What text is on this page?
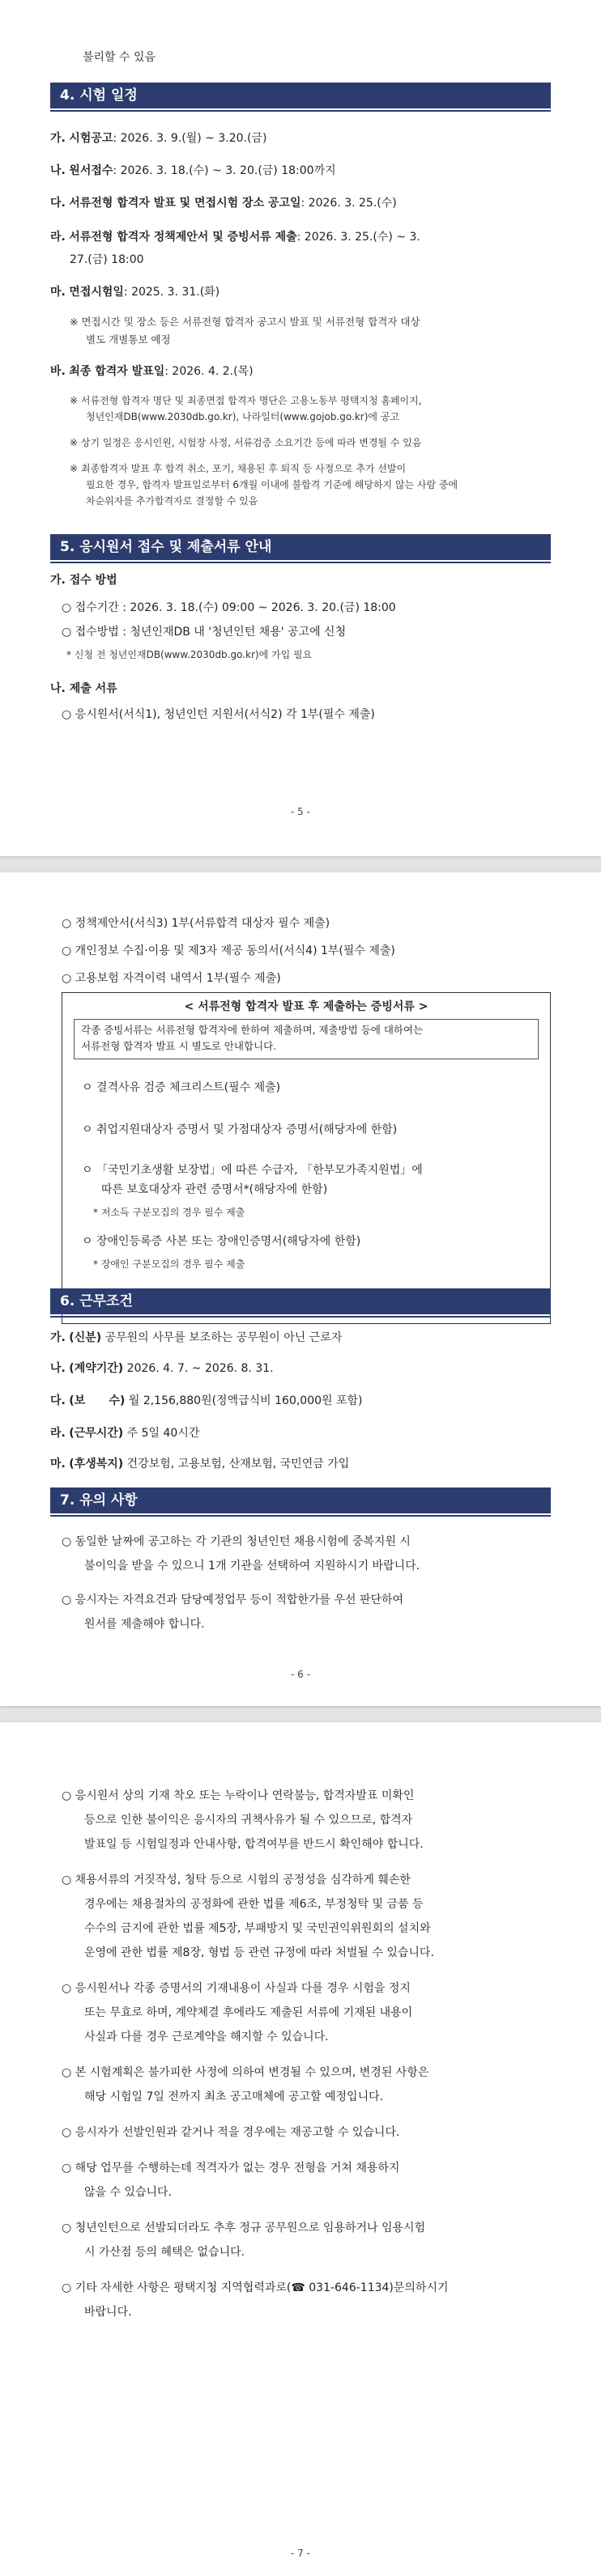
불리할 수 있음
4. 시험 일정
가. 시험공고: 2026. 3. 9.(월) ~ 3.20.(금)
나. 원서접수: 2026. 3. 18.(수) ~ 3. 20.(금) 18:00까지
다. 서류전형 합격자 발표 및 면접시험 장소 공고일: 2026. 3. 25.(수)
라. 서류전형 합격자 정책제안서 및 증빙서류 제출: 2026. 3. 25.(수) ~ 3.
27.(금) 18:00
마. 면접시험일: 2025. 3. 31.(화)
※ 면접시간 및 장소 등은 서류전형 합격자 공고시 발표 및 서류전형 합격자 대상
별도 개별통보 예정
바. 최종 합격자 발표일: 2026. 4. 2.(목)
※ 서류전형 합격자 명단 및 최종면접 합격자 명단은 고용노동부 평택지청 홈페이지,
청년인재DB(www.2030db.go.kr), 나라일터(www.gojob.go.kr)에 공고
※ 상기 일정은 응시인원, 시험장 사정, 서류검증 소요기간 등에 따라 변경될 수 있음
※ 최종합격자 발표 후 합격 취소, 포기, 채용된 후 퇴직 등 사정으로 추가 선발이
필요한 경우, 합격자 발표일로부터 6개월 이내에 불합격 기준에 해당하지 않는 사람 중에
차순위자를 추가합격자로 결정할 수 있음
5. 응시원서 접수 및 제출서류 안내
가. 접수 방법
○ 접수기간 : 2026. 3. 18.(수) 09:00 ~ 2026. 3. 20.(금) 18:00
○ 접수방법 : 청년인재DB 내 '청년인턴 채용' 공고에 신청
* 신청 전 청년인재DB(www.2030db.go.kr)에 가입 필요
나. 제출 서류
○ 응시원서(서식1), 청년인턴 지원서(서식2) 각 1부(필수 제출)
- 5 -
○ 정책제안서(서식3) 1부(서류합격 대상자 필수 제출)
○ 개인정보 수집·이용 및 제3자 제공 동의서(서식4) 1부(필수 제출)
○ 고용보험 자격이력 내역서 1부(필수 제출)
< 서류전형 합격자 발표 후 제출하는 증빙서류 >
각종 증빙서류는 서류전형 합격자에 한하여 제출하며, 제출방법 등에 대하여는
서류전형 합격자 발표 시 별도로 안내합니다.
ㅇ 결격사유 검증 체크리스트(필수 제출)
ㅇ 취업지원대상자 증명서 및 가점대상자 증명서(해당자에 한함)
ㅇ 「국민기초생활 보장법」에 따른 수급자, 「한부모가족지원법」에
따른 보호대상자 관련 증명서*(해당자에 한함)
* 저소득 구분모집의 경우 필수 제출
ㅇ 장애인등록증 사본 또는 장애인증명서(해당자에 한함)
* 장애인 구분모집의 경우 필수 제출
6. 근무조건
가. (신분) 공무원의 사무를 보조하는 공무원이 아닌 근로자
나. (계약기간) 2026. 4. 7. ~ 2026. 8. 31.
다. (보      수) 월 2,156,880원(정액급식비 160,000원 포함)
라. (근무시간) 주 5일 40시간
마. (후생복지) 건강보험, 고용보험, 산재보험, 국민연금 가입
7. 유의 사항
○ 동일한 날짜에 공고하는 각 기관의 청년인턴 채용시험에 중복지원 시
불이익을 받을 수 있으니 1개 기관을 선택하여 지원하시기 바랍니다.
○ 응시자는 자격요건과 담당예정업무 등이 적합한가를 우선 판단하여
원서를 제출해야 합니다.
- 6 -
○ 응시원서 상의 기재 착오 또는 누락이나 연락불능, 합격자발표 미확인
등으로 인한 불이익은 응시자의 귀책사유가 될 수 있으므로, 합격자
발표일 등 시험일정과 안내사항, 합격여부를 반드시 확인해야 합니다.
○ 채용서류의 거짓작성, 청탁 등으로 시험의 공정성을 심각하게 훼손한
경우에는 채용절차의 공정화에 관한 법률 제6조, 부정청탁 및 금품 등
수수의 금지에 관한 법률 제5장, 부패방지 및 국민권익위원회의 설치와
운영에 관한 법률 제8장, 형법 등 관련 규정에 따라 처벌될 수 있습니다.
○ 응시원서나 각종 증명서의 기재내용이 사실과 다를 경우 시험을 정지
또는 무효로 하며, 계약체결 후에라도 제출된 서류에 기재된 내용이
사실과 다를 경우 근로계약을 해지할 수 있습니다.
○ 본 시험계획은 불가피한 사정에 의하여 변경될 수 있으며, 변경된 사항은
해당 시험일 7일 전까지 최초 공고매체에 공고할 예정입니다.
○ 응시자가 선발인원과 같거나 적을 경우에는 재공고할 수 있습니다.
○ 해당 업무를 수행하는데 적격자가 없는 경우 전형을 거쳐 채용하지
않을 수 있습니다.
○ 청년인턴으로 선발되더라도 추후 정규 공무원으로 임용하거나 임용시험
시 가산점 등의 혜택은 없습니다.
○ 기타 자세한 사항은 평택지청 지역협력과로(☎ 031-646-1134)문의하시기
바랍니다.
- 7 -
